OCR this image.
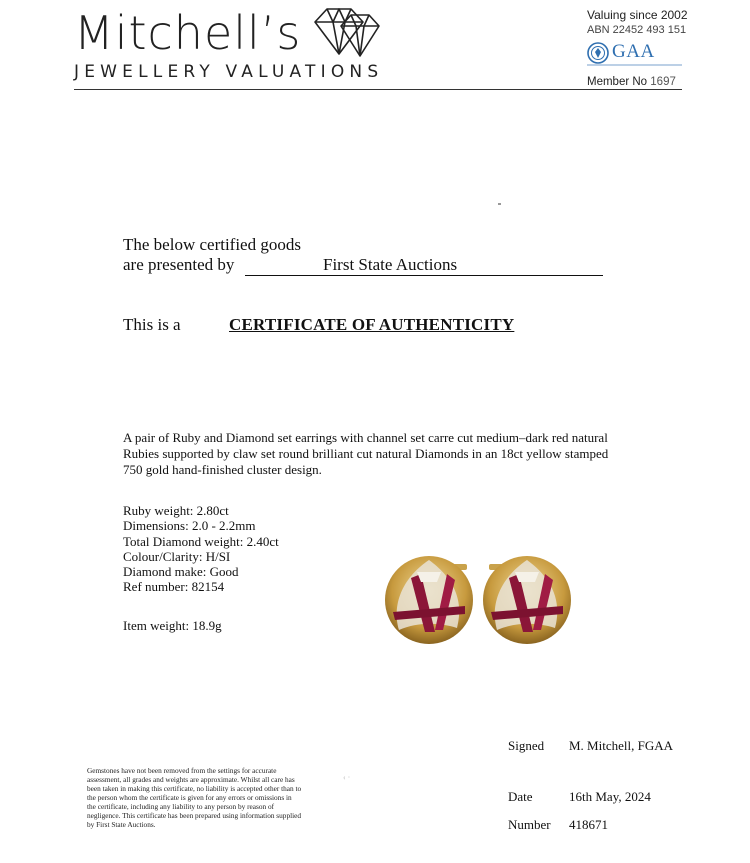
Mitchell’s
JEWELLERY VALUATIONS
Valuing since 2002
ABN 22452 493 151
GAA
Member No 1697
The below certified goods
are presented by	First State Auctions
This is a	CERTIFICATE OF AUTHENTICITY
A pair of Ruby and Diamond set earrings with channel set carre cut medium–dark red natural Rubies supported by claw set round brilliant cut natural Diamonds in an 18ct yellow stamped 750 gold hand-finished cluster design.
Ruby weight: 2.80ct
Dimensions: 2.0 - 2.2mm
Total Diamond weight: 2.40ct
Colour/Clarity: H/SI
Diamond make: Good
Ref number: 82154
Item weight: 18.9g
Gemstones have not been removed from the settings for accurate assessment, all grades and weights are approximate. Whilst all care has been taken in making this certificate, no liability is accepted other than to the person whom the certificate is given for any errors or omissions in the certificate, including any liability to any person by reason of negligence. This certificate has been prepared using information supplied by First State Auctions.
‹ ·
Signed M. Mitchell, FGAA
Date	16th May, 2024
Number 418671
